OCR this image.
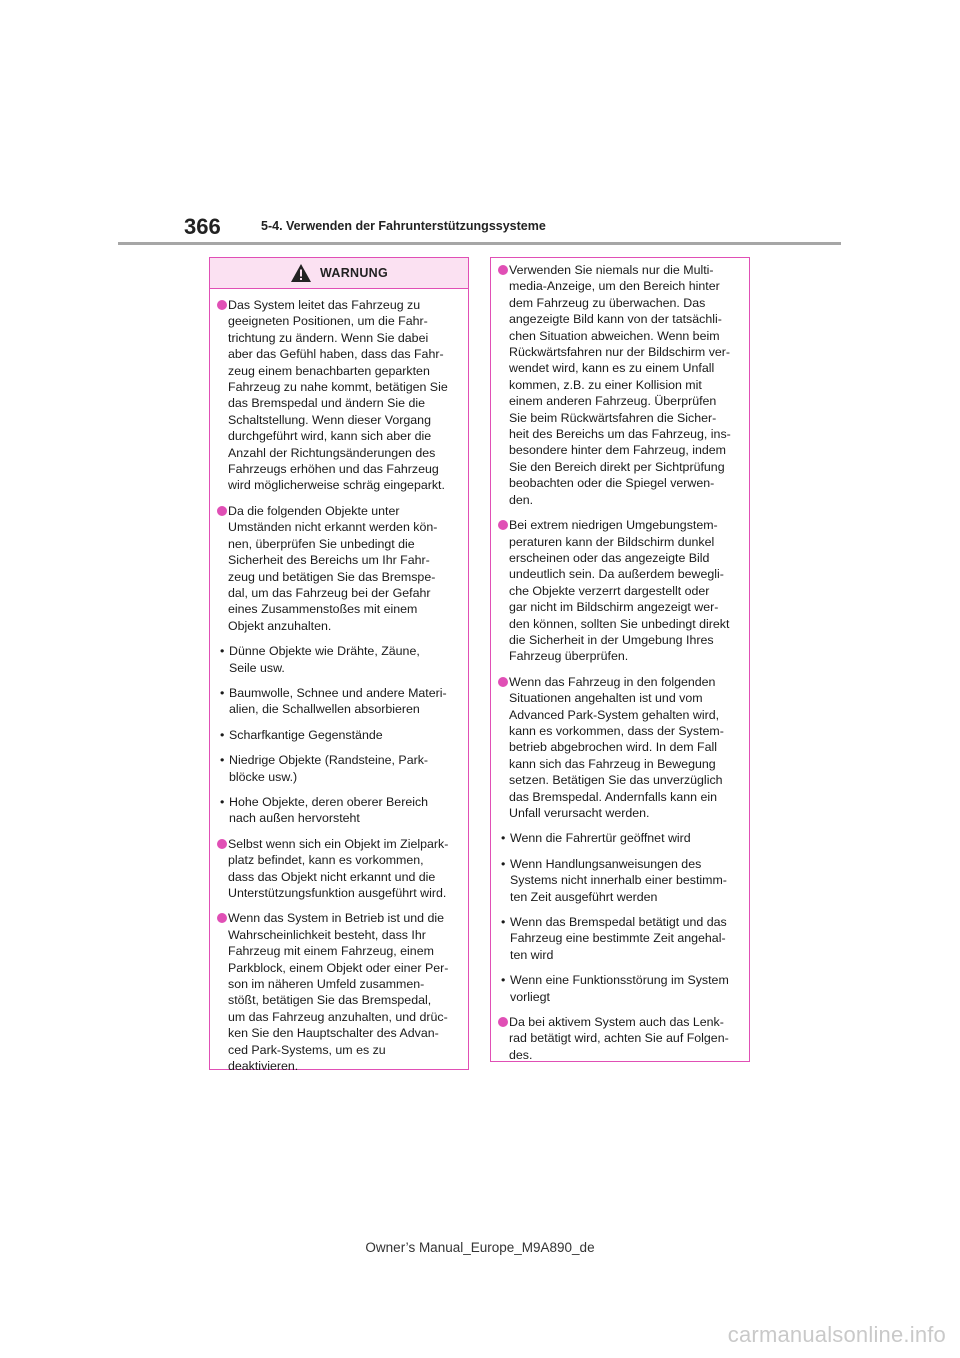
366	5-4. Verwenden der Fahrunterstützungssysteme
WARNUNG
Das System leitet das Fahrzeug zu
geeigneten Positionen, um die Fahr-
trichtung zu ändern. Wenn Sie dabei
aber das Gefühl haben, dass das Fahr-
zeug einem benachbarten geparkten
Fahrzeug zu nahe kommt, betätigen Sie
das Bremspedal und ändern Sie die
Schaltstellung. Wenn dieser Vorgang
durchgeführt wird, kann sich aber die
Anzahl der Richtungsänderungen des
Fahrzeugs erhöhen und das Fahrzeug
wird möglicherweise schräg eingeparkt.
Da die folgenden Objekte unter
Umständen nicht erkannt werden kön-
nen, überprüfen Sie unbedingt die
Sicherheit des Bereichs um Ihr Fahr-
zeug und betätigen Sie das Bremspe-
dal, um das Fahrzeug bei der Gefahr
eines Zusammenstoßes mit einem
Objekt anzuhalten.
• Dünne Objekte wie Drähte, Zäune,
Seile usw.
• Baumwolle, Schnee und andere Materi-
alien, die Schallwellen absorbieren
• Scharfkantige Gegenstände
• Niedrige Objekte (Randsteine, Park-
blöcke usw.)
• Hohe Objekte, deren oberer Bereich
nach außen hervorsteht
Selbst wenn sich ein Objekt im Zielpark-
platz befindet, kann es vorkommen,
dass das Objekt nicht erkannt und die
Unterstützungsfunktion ausgeführt wird.
Wenn das System in Betrieb ist und die
Wahrscheinlichkeit besteht, dass Ihr
Fahrzeug mit einem Fahrzeug, einem
Parkblock, einem Objekt oder einer Per-
son im näheren Umfeld zusammen-
stößt, betätigen Sie das Bremspedal,
um das Fahrzeug anzuhalten, und drüc-
ken Sie den Hauptschalter des Advan-
ced Park-Systems, um es zu
deaktivieren.
Verwenden Sie niemals nur die Multi-
media-Anzeige, um den Bereich hinter
dem Fahrzeug zu überwachen. Das
angezeigte Bild kann von der tatsächli-
chen Situation abweichen. Wenn beim
Rückwärtsfahren nur der Bildschirm ver-
wendet wird, kann es zu einem Unfall
kommen, z.B. zu einer Kollision mit
einem anderen Fahrzeug. Überprüfen
Sie beim Rückwärtsfahren die Sicher-
heit des Bereichs um das Fahrzeug, ins-
besondere hinter dem Fahrzeug, indem
Sie den Bereich direkt per Sichtprüfung
beobachten oder die Spiegel verwen-
den.
Bei extrem niedrigen Umgebungstem-
peraturen kann der Bildschirm dunkel
erscheinen oder das angezeigte Bild
undeutlich sein. Da außerdem bewegli-
che Objekte verzerrt dargestellt oder
gar nicht im Bildschirm angezeigt wer-
den können, sollten Sie unbedingt direkt
die Sicherheit in der Umgebung Ihres
Fahrzeug überprüfen.
Wenn das Fahrzeug in den folgenden
Situationen angehalten ist und vom
Advanced Park-System gehalten wird,
kann es vorkommen, dass der System-
betrieb abgebrochen wird. In dem Fall
kann sich das Fahrzeug in Bewegung
setzen. Betätigen Sie das unverzüglich
das Bremspedal. Andernfalls kann ein
Unfall verursacht werden.
• Wenn die Fahrertür geöffnet wird
• Wenn Handlungsanweisungen des
Systems nicht innerhalb einer bestimm-
ten Zeit ausgeführt werden
• Wenn das Bremspedal betätigt und das
Fahrzeug eine bestimmte Zeit angehal-
ten wird
• Wenn eine Funktionsstörung im System
vorliegt
Da bei aktivem System auch das Lenk-
rad betätigt wird, achten Sie auf Folgen-
des.
Owner’s Manual_Europe_M9A890_de
carmanualsonline.info
